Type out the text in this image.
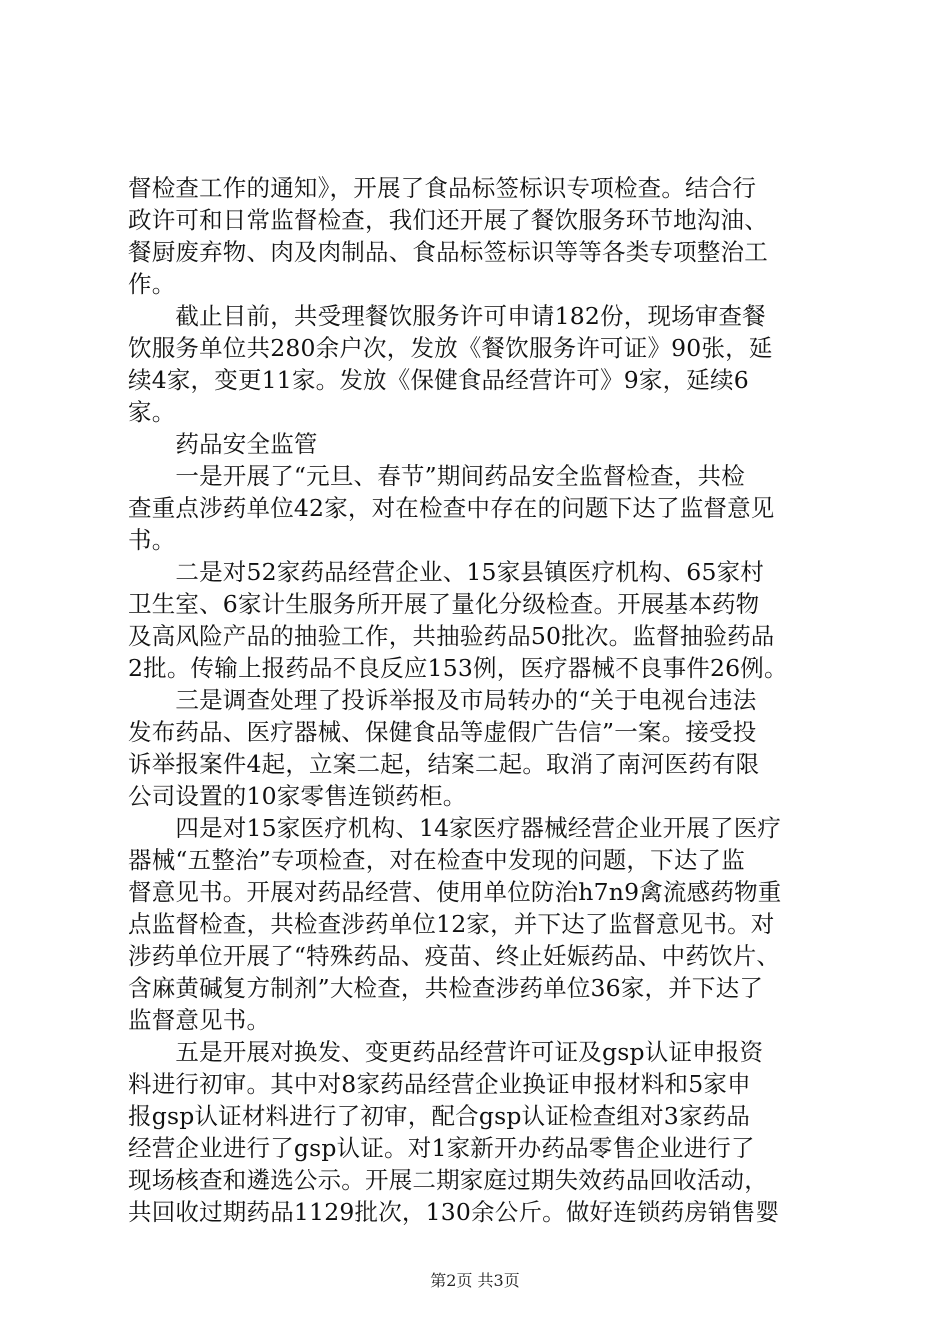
督检查工作的通知》，开展了食品标签标识专项检查。结合行
政许可和日常监督检查，我们还开展了餐饮服务环节地沟油、
餐厨废弃物、肉及肉制品、食品标签标识等等各类专项整治工
作。
　　截止目前，共受理餐饮服务许可申请182份，现场审查餐
饮服务单位共280余户次，发放《餐饮服务许可证》90张，延
续4家，变更11家。发放《保健食品经营许可》9家，延续6
家。
　　药品安全监管
　　一是开展了“元旦、春节”期间药品安全监督检查，共检
查重点涉药单位42家，对在检查中存在的问题下达了监督意见
书。
　　二是对52家药品经营企业、15家县镇医疗机构、65家村
卫生室、6家计生服务所开展了量化分级检查。开展基本药物
及高风险产品的抽验工作，共抽验药品50批次。监督抽验药品
2批。传输上报药品不良反应153例，医疗器械不良事件26例。
　　三是调查处理了投诉举报及市局转办的“关于电视台违法
发布药品、医疗器械、保健食品等虚假广告信”一案。接受投
诉举报案件4起，立案二起，结案二起。取消了南河医药有限
公司设置的10家零售连锁药柜。
　　四是对15家医疗机构、14家医疗器械经营企业开展了医疗
器械“五整治”专项检查，对在检查中发现的问题，下达了监
督意见书。开展对药品经营、使用单位防治h7n9禽流感药物重
点监督检查，共检查涉药单位12家，并下达了监督意见书。对
涉药单位开展了“特殊药品、疫苗、终止妊娠药品、中药饮片、
含麻黄碱复方制剂”大检查，共检查涉药单位36家，并下达了
监督意见书。
　　五是开展对换发、变更药品经营许可证及gsp认证申报资
料进行初审。其中对8家药品经营企业换证申报材料和5家申
报gsp认证材料进行了初审，配合gsp认证检查组对3家药品
经营企业进行了gsp认证。对1家新开办药品零售企业进行了
现场核查和遴选公示。开展二期家庭过期失效药品回收活动，
共回收过期药品1129批次，130余公斤。做好连锁药房销售婴
第2页 共3页
